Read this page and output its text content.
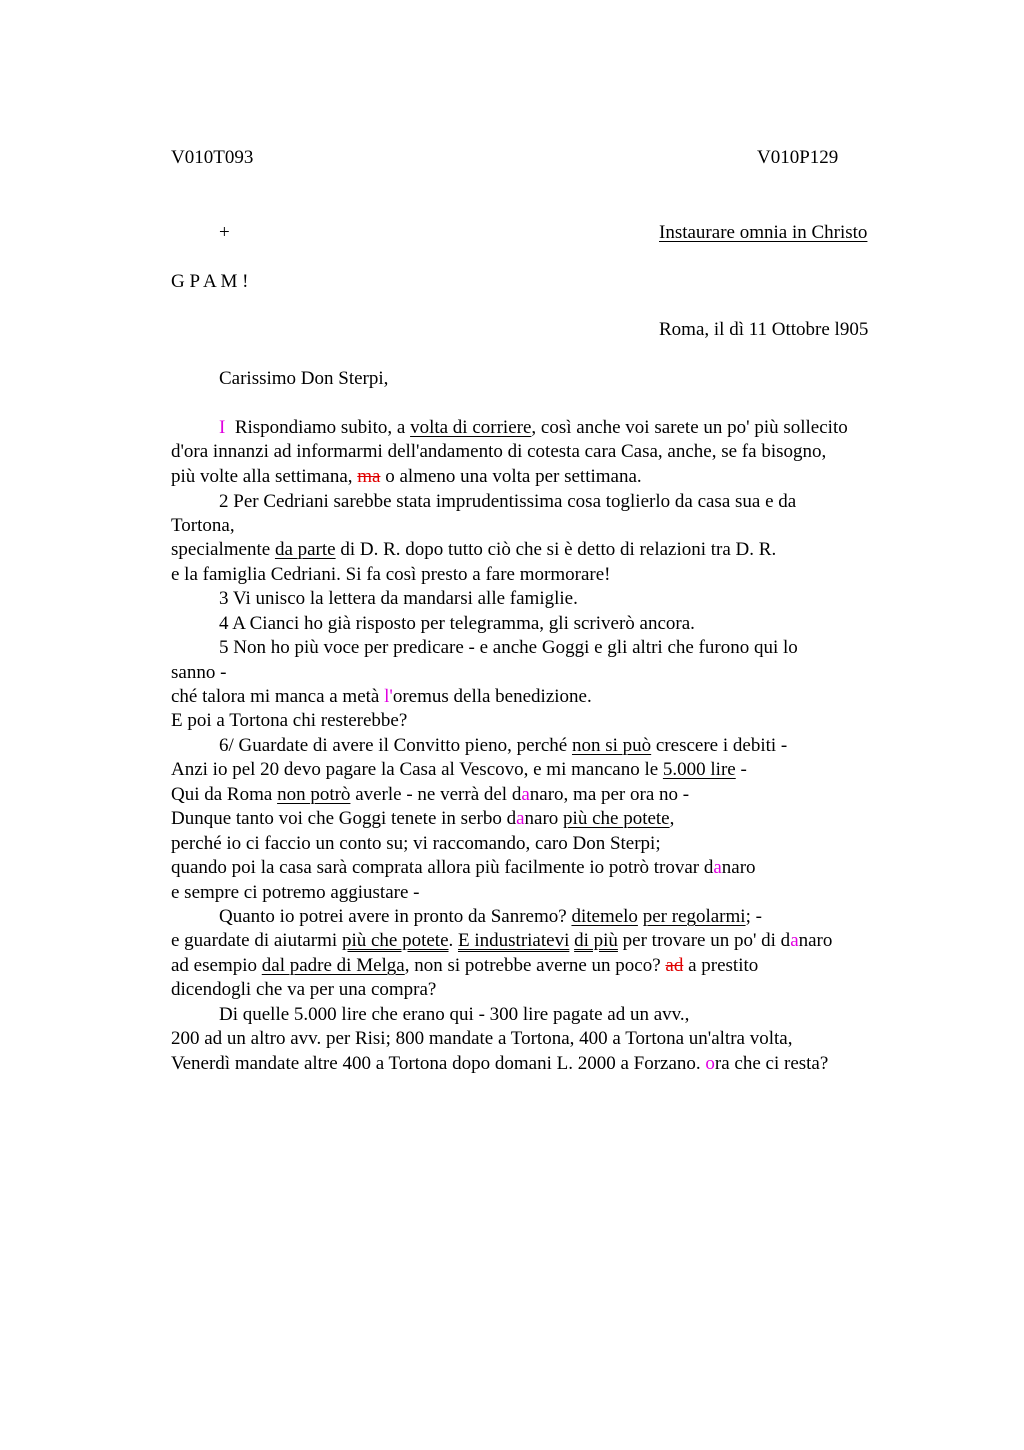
V010T093	V010P129
+	Instaurare omnia in Christo
G P A M !
Roma, il dì 11 Ottobre l905
Carissimo Don Sterpi,
I  Rispondiamo subito, a volta di corriere, così anche voi sarete un po' più sollecito
d'ora innanzi ad informarmi dell'andamento di cotesta cara Casa, anche, se fa bisogno,
più volte alla settimana, ma o almeno una volta per settimana.
2 Per Cedriani sarebbe stata imprudentissima cosa toglierlo da casa sua e da
Tortona,
specialmente da parte di D. R. dopo tutto ciò che si è detto di relazioni tra D. R.
e la famiglia Cedriani. Si fa così presto a fare mormorare!
3 Vi unisco la lettera da mandarsi alle famiglie.
4 A Cianci ho già risposto per telegramma, gli scriverò ancora.
5 Non ho più voce per predicare - e anche Goggi e gli altri che furono qui lo
sanno -
ché talora mi manca a metà l'oremus della benedizione.
E poi a Tortona chi resterebbe?
6/ Guardate di avere il Convitto pieno, perché non si può crescere i debiti -
Anzi io pel 20 devo pagare la Casa al Vescovo, e mi mancano le 5.000 lire -
Qui da Roma non potrò averle - ne verrà del danaro, ma per ora no -
Dunque tanto voi che Goggi tenete in serbo danaro più che potete,
perché io ci faccio un conto su; vi raccomando, caro Don Sterpi;
quando poi la casa sarà comprata allora più facilmente io potrò trovar danaro
e sempre ci potremo aggiustare -
Quanto io potrei avere in pronto da Sanremo? ditemelo per regolarmi; -
e guardate di aiutarmi più che potete. E industriatevi di più per trovare un po' di danaro
ad esempio dal padre di Melga, non si potrebbe averne un poco? ad a prestito
dicendogli che va per una compra?
Di quelle 5.000 lire che erano qui - 300 lire pagate ad un avv.,
200 ad un altro avv. per Risi; 800 mandate a Tortona, 400 a Tortona un'altra volta,
Venerdì mandate altre 400 a Tortona dopo domani L. 2000 a Forzano. ora che ci resta?
